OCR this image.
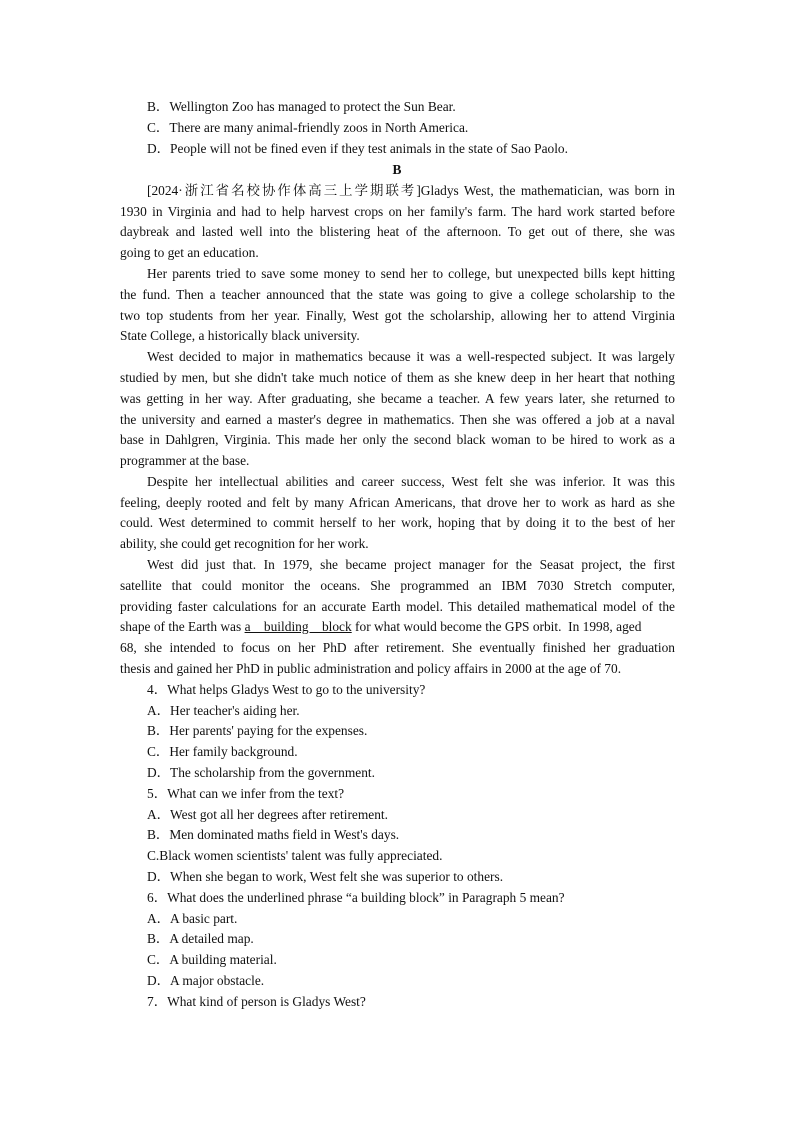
B．Wellington Zoo has managed to protect the Sun Bear.
C．There are many animal-friendly zoos in North America.
D．People will not be fined even if they test animals in the state of Sao Paolo.
B
[2024·浙江省名校协作体高三上学期联考]Gladys West, the mathematician, was born in
1930 in Virginia and had to help harvest crops on her family's farm. The hard work started before
daybreak and lasted well into the blistering heat of the afternoon. To get out of there, she was
going to get an education.
Her parents tried to save some money to send her to college, but unexpected bills kept hitting
the fund. Then a teacher announced that the state was going to give a college scholarship to the
two top students from her year. Finally, West got the scholarship, allowing her to attend Virginia
State College, a historically black university.
West decided to major in mathematics because it was a well-respected subject. It was largely
studied by men, but she didn't take much notice of them as she knew deep in her heart that nothing
was getting in her way. After graduating, she became a teacher. A few years later, she returned to
the university and earned a master's degree in mathematics. Then she was offered a job at a naval
base in Dahlgren, Virginia. This made her only the second black woman to be hired to work as a
programmer at the base.
Despite her intellectual abilities and career success, West felt she was inferior. It was this
feeling, deeply rooted and felt by many African Americans, that drove her to work as hard as she
could. West determined to commit herself to her work, hoping that by doing it to the best of her
ability, she could get recognition for her work.
West did just that. In 1979, she became project manager for the Seasat project, the first
satellite that could monitor the oceans. She programmed an IBM 7030 Stretch computer,
providing faster calculations for an accurate Earth model. This detailed mathematical model of the
shape of the Earth was a    building    block for what would become the GPS orbit.  In 1998, aged
68, she intended to focus on her PhD after retirement. She eventually finished her graduation
thesis and gained her PhD in public administration and policy affairs in 2000 at the age of 70.
4．What helps Gladys West to go to the university?
A．Her teacher's aiding her.
B．Her parents' paying for the expenses.
C．Her family background.
D．The scholarship from the government.
5．What can we infer from the text?
A．West got all her degrees after retirement.
B．Men dominated maths field in West's days.
C.Black women scientists' talent was fully appreciated.
D．When she began to work, West felt she was superior to others.
6．What does the underlined phrase “a building block” in Paragraph 5 mean?
A．A basic part.
B．A detailed map.
C．A building material.
D．A major obstacle.
7．What kind of person is Gladys West?
